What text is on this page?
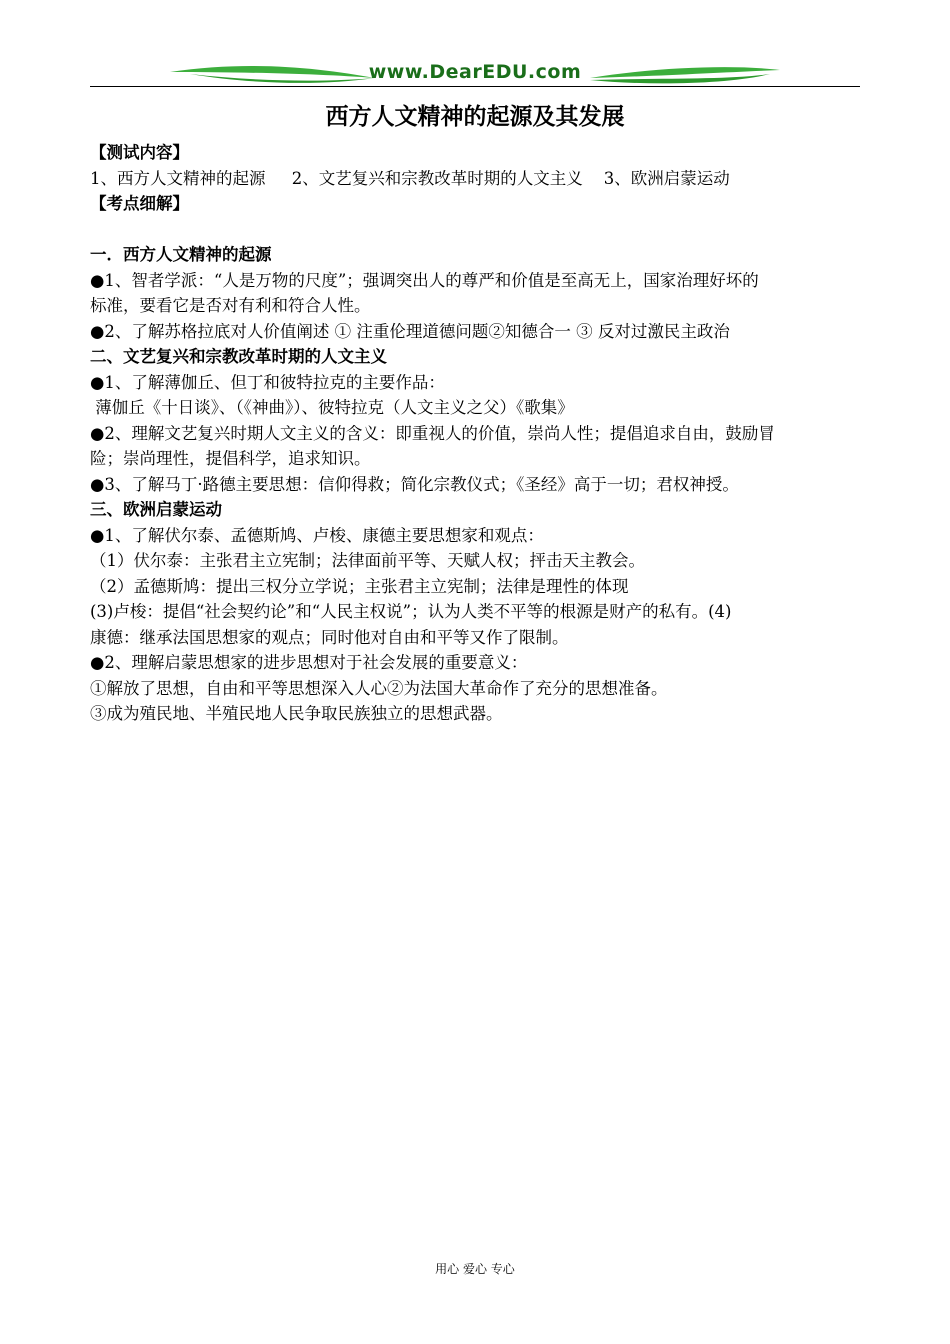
www.DearEDU.com
西方人文精神的起源及其发展

【测试内容】

1、西方人文精神的起源     2、文艺复兴和宗教改革时期的人文主义    3、欧洲启蒙运动

【考点细解】

一．西方人文精神的起源

●1、智者学派：“人是万物的尺度”；强调突出人的尊严和价值是至高无上，国家治理好坏的

标准，要看它是否对有利和符合人性。

●2、了解苏格拉底对人价值阐述 ① 注重伦理道德问题②知德合一 ③ 反对过激民主政治

二、文艺复兴和宗教改革时期的人文主义

●1、了解薄伽丘、但丁和彼特拉克的主要作品：

薄伽丘《十日谈》、（《神曲》）、彼特拉克（人文主义之父）《歌集》

●2、理解文艺复兴时期人文主义的含义：即重视人的价值，崇尚人性；提倡追求自由，鼓励冒

险；崇尚理性，提倡科学，追求知识。

●3、了解马丁·路德主要思想：信仰得救；简化宗教仪式；《圣经》高于一切；君权神授。

三、欧洲启蒙运动

●1、了解伏尔泰、孟德斯鸠、卢梭、康德主要思想家和观点：

（1）伏尔泰：主张君主立宪制；法律面前平等、天赋人权；抨击天主教会。

（2）孟德斯鸠：提出三权分立学说；主张君主立宪制；法律是理性的体现

(3)卢梭：提倡“社会契约论”和“人民主权说”；认为人类不平等的根源是财产的私有。(4)

康德：继承法国思想家的观点；同时他对自由和平等又作了限制。

●2、理解启蒙思想家的进步思想对于社会发展的重要意义：

①解放了思想，自由和平等思想深入人心②为法国大革命作了充分的思想准备。

③成为殖民地、半殖民地人民争取民族独立的思想武器。

用心 爱心 专心
